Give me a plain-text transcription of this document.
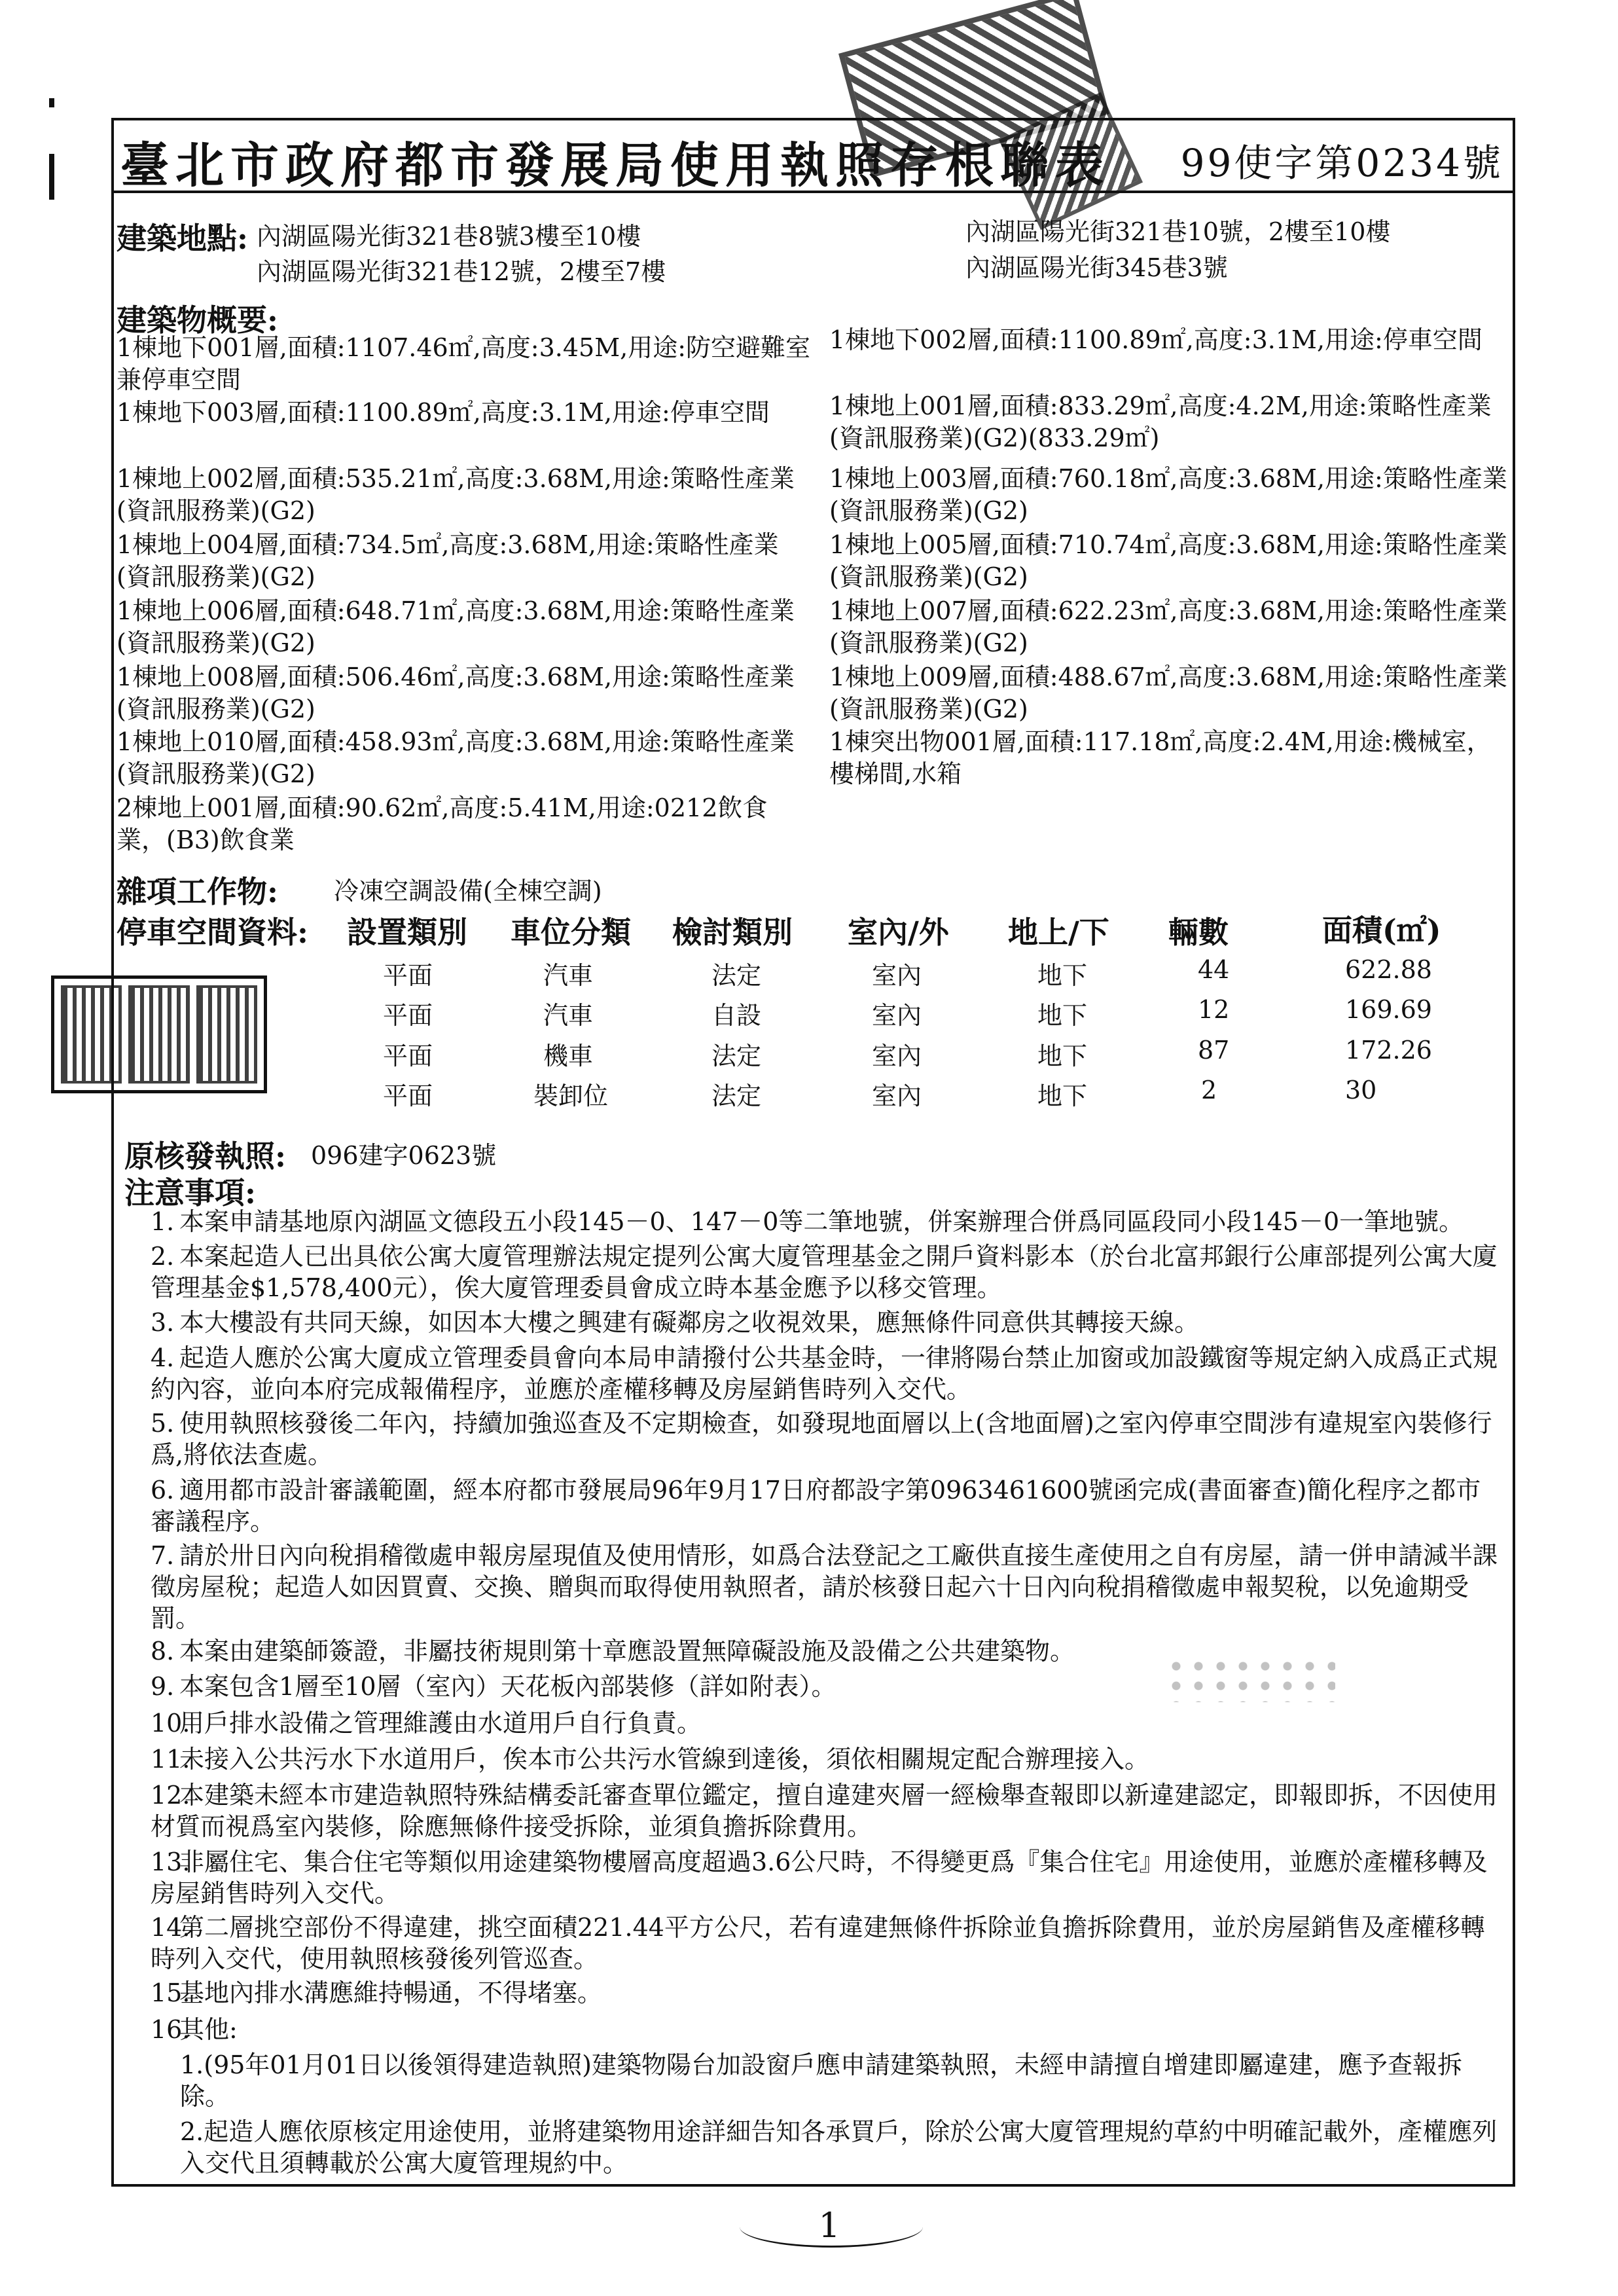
臺北市政府都市發展局使用執照存根聯表 99使字第0234號
建築地點: 內湖區陽光街321巷8號3樓至10樓	內湖區陽光街321巷10號，2樓至10樓
內湖區陽光街321巷12號，2樓至7樓	內湖區陽光街345巷3號
建築物概要:
1棟地下001層,面積:1107.46㎡,高度:3.45M,用途:防空避難室兼停車空間
1棟地下003層,面積:1100.89㎡,高度:3.1M,用途:停車空間
1棟地上002層,面積:535.21㎡,高度:3.68M,用途:策略性產業(資訊服務業)(G2)
1棟地上004層,面積:734.5㎡,高度:3.68M,用途:策略性產業(資訊服務業)(G2)
1棟地上006層,面積:648.71㎡,高度:3.68M,用途:策略性產業(資訊服務業)(G2)
1棟地上008層,面積:506.46㎡,高度:3.68M,用途:策略性產業(資訊服務業)(G2)
1棟地上010層,面積:458.93㎡,高度:3.68M,用途:策略性產業(資訊服務業)(G2)
2棟地上001層,面積:90.62㎡,高度:5.41M,用途:0212飲食業，(B3)飲食業
1棟地下002層,面積:1100.89㎡,高度:3.1M,用途:停車空間
1棟地上001層,面積:833.29㎡,高度:4.2M,用途:策略性產業(資訊服務業)(G2)(833.29㎡)
1棟地上003層,面積:760.18㎡,高度:3.68M,用途:策略性產業(資訊服務業)(G2)
1棟地上005層,面積:710.74㎡,高度:3.68M,用途:策略性產業(資訊服務業)(G2)
1棟地上007層,面積:622.23㎡,高度:3.68M,用途:策略性產業(資訊服務業)(G2)
1棟地上009層,面積:488.67㎡,高度:3.68M,用途:策略性產業(資訊服務業)(G2)
1棟突出物001層,面積:117.18㎡,高度:2.4M,用途:機械室，樓梯間,水箱
雜項工作物: 冷凍空調設備(全棟空調)
停車空間資料: 設置類別 車位分類 檢討類別 室內/外 地上/下 輛數	面積(㎡)
平面	汽車	法定	室內	地下	44	622.88
平面	汽車	自設	室內	地下	12	169.69
平面	機車	法定	室內	地下	87	172.26
平面	裝卸位	法定	室內	地下	2	30
原核發執照: 096建字0623號
注意事項:
1. 本案申請基地原內湖區文德段五小段145－0、147－0等二筆地號，併案辦理合併爲同區段同小段145－0一筆地號。
2. 本案起造人已出具依公寓大廈管理辦法規定提列公寓大廈管理基金之開戶資料影本（於台北富邦銀行公庫部提列公寓大廈管理基金$1,578,400元），俟大廈管理委員會成立時本基金應予以移交管理。
3. 本大樓設有共同天線，如因本大樓之興建有礙鄰房之收視效果，應無條件同意供其轉接天線。
4. 起造人應於公寓大廈成立管理委員會向本局申請撥付公共基金時，一律將陽台禁止加窗或加設鐵窗等規定納入成爲正式規約內容，並向本府完成報備程序，並應於產權移轉及房屋銷售時列入交代。
5. 使用執照核發後二年內，持續加強巡查及不定期檢查，如發現地面層以上(含地面層)之室內停車空間涉有違規室內裝修行爲,將依法查處。
6. 適用都市設計審議範圍，經本府都市發展局96年9月17日府都設字第0963461600號函完成(書面審查)簡化程序之都市審議程序。
7. 請於卅日內向稅捐稽徵處申報房屋現值及使用情形，如爲合法登記之工廠供直接生產使用之自有房屋，請一併申請減半課徵房屋稅；起造人如因買賣、交換、贈與而取得使用執照者，請於核發日起六十日內向稅捐稽徵處申報契稅，以免逾期受罰。
8. 本案由建築師簽證，非屬技術規則第十章應設置無障礙設施及設備之公共建築物。
9. 本案包含1層至10層（室內）天花板內部裝修（詳如附表）。
10.用戶排水設備之管理維護由水道用戶自行負責。
11.未接入公共污水下水道用戶，俟本市公共污水管線到達後，須依相關規定配合辦理接入。
12.本建築未經本市建造執照特殊結構委託審查單位鑑定，擅自違建夾層一經檢舉查報即以新違建認定，即報即拆，不因使用材質而視爲室內裝修，除應無條件接受拆除，並須負擔拆除費用。
13.非屬住宅、集合住宅等類似用途建築物樓層高度超過3.6公尺時，不得變更爲『集合住宅』用途使用，並應於產權移轉及房屋銷售時列入交代。
14.第二層挑空部份不得違建，挑空面積221.44平方公尺，若有違建無條件拆除並負擔拆除費用，並於房屋銷售及產權移轉時列入交代，使用執照核發後列管巡查。
15.基地內排水溝應維持暢通，不得堵塞。
16.其他:
1.(95年01月01日以後領得建造執照)建築物陽台加設窗戶應申請建築執照，未經申請擅自增建即屬違建，應予查報拆除。
2.起造人應依原核定用途使用，並將建築物用途詳細告知各承買戶，除於公寓大廈管理規約草約中明確記載外，產權應列入交代且須轉載於公寓大廈管理規約中。
1
